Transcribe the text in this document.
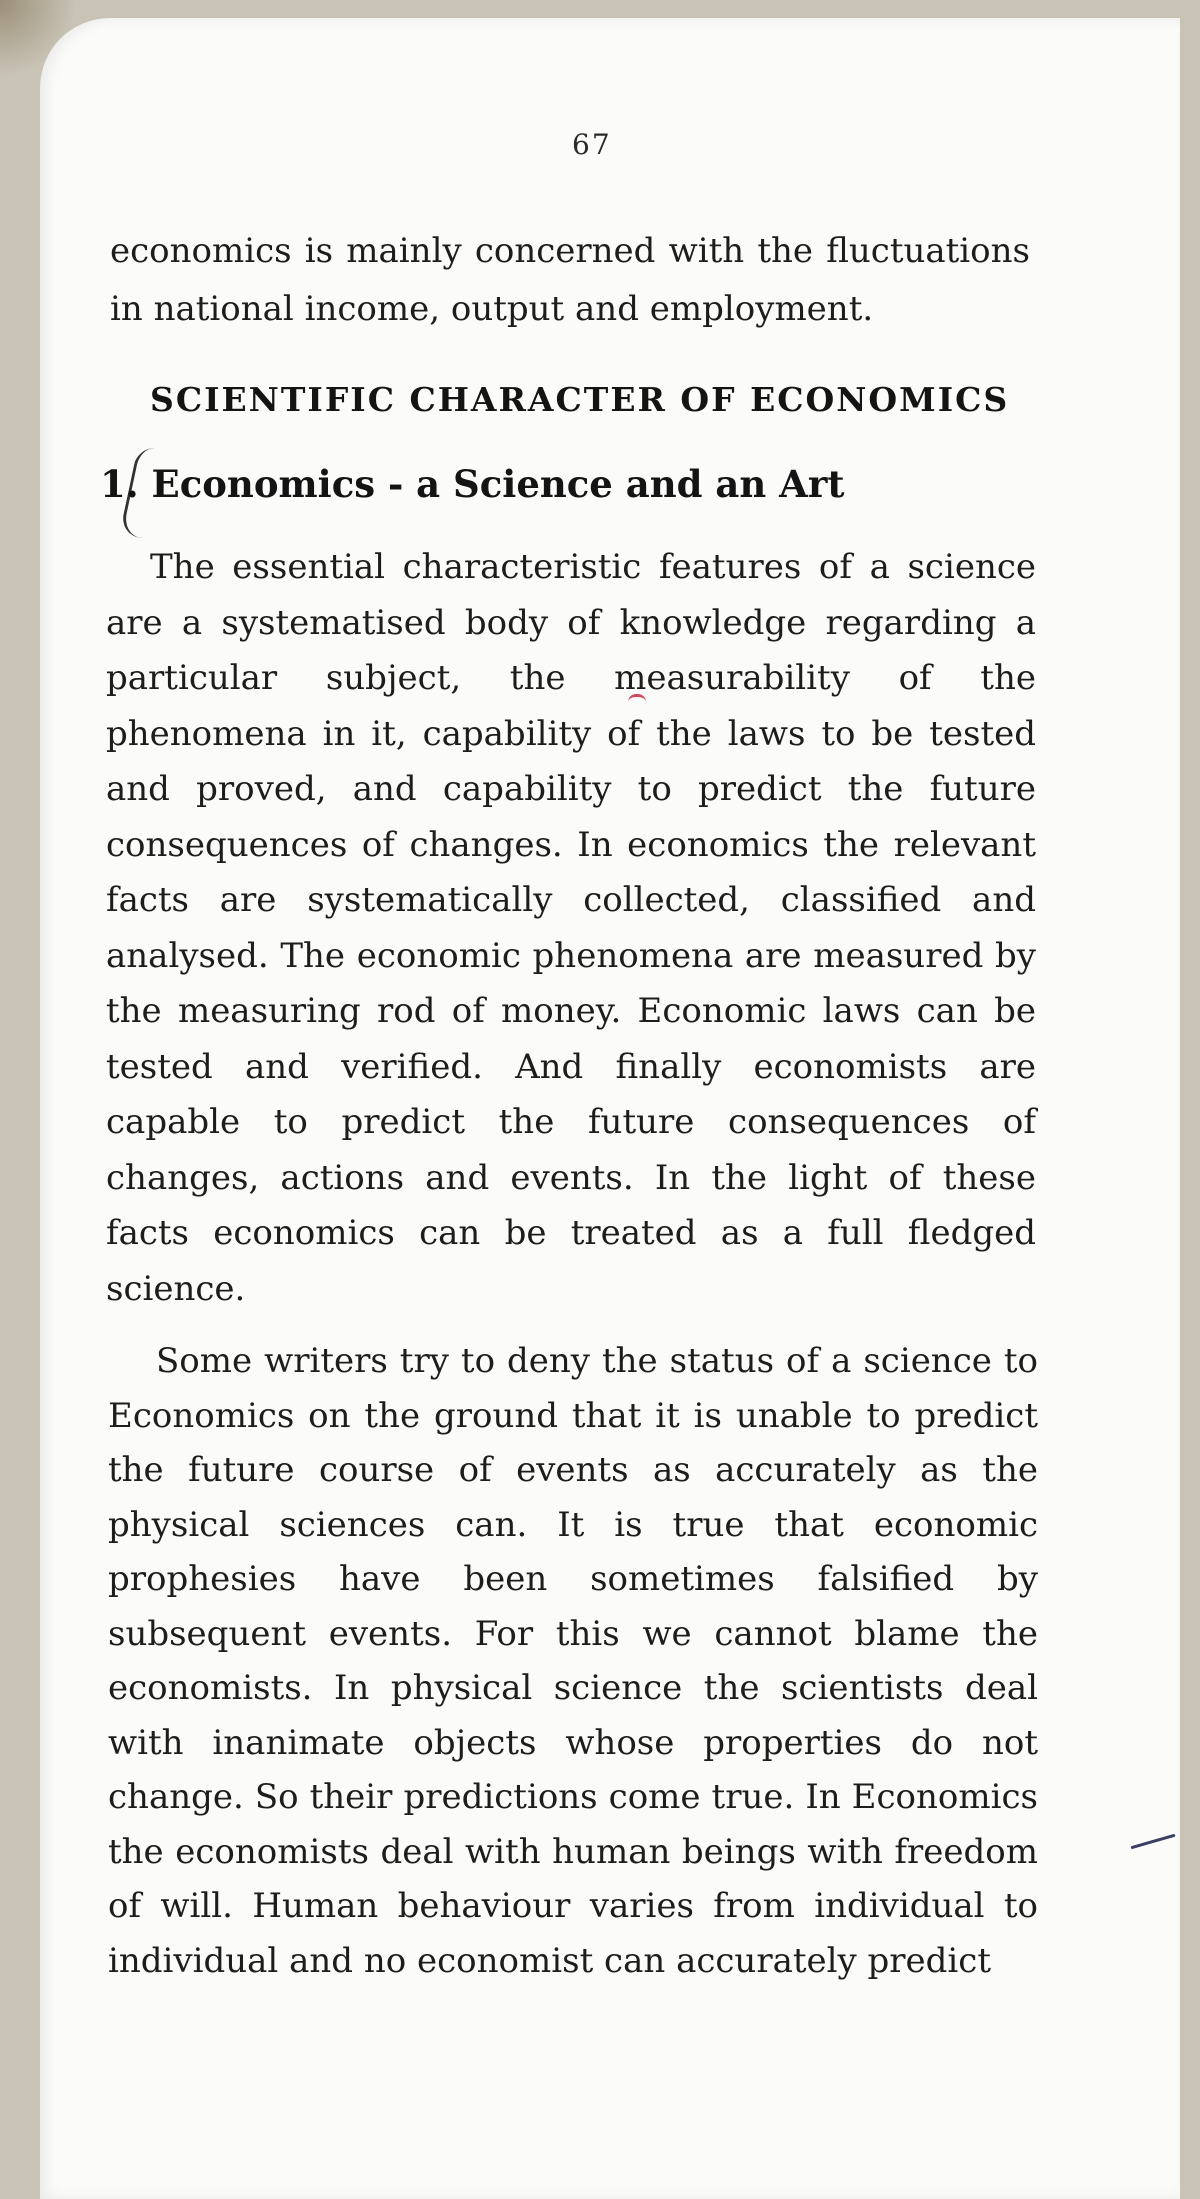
67
economics is mainly concerned with the fluctuations in national income, output and employment.
SCIENTIFIC CHARACTER OF ECONOMICS
1. Economics - a Science and an Art
The essential characteristic features of a science are a systematised body of knowledge regarding a particular subject, the measurability of the phenomena in it, capability of the laws to be tested and proved, and capability to predict the future consequences of changes. In economics the relevant facts are systematically collected, classified and analysed. The economic phenomena are measured by the measuring rod of money. Economic laws can be tested and verified. And finally economists are capable to predict the future consequences of changes, actions and events. In the light of these facts economics can be treated as a full fledged science.
Some writers try to deny the status of a science to Economics on the ground that it is unable to predict the future course of events as accurately as the physical sciences can. It is true that economic prophesies have been sometimes falsified by subsequent events. For this we cannot blame the economists. In physical science the scientists deal with inanimate objects whose properties do not change. So their predictions come true. In Economics the economists deal with human beings with freedom of will. Human behaviour varies from individual to individual and no economist can accurately predict
